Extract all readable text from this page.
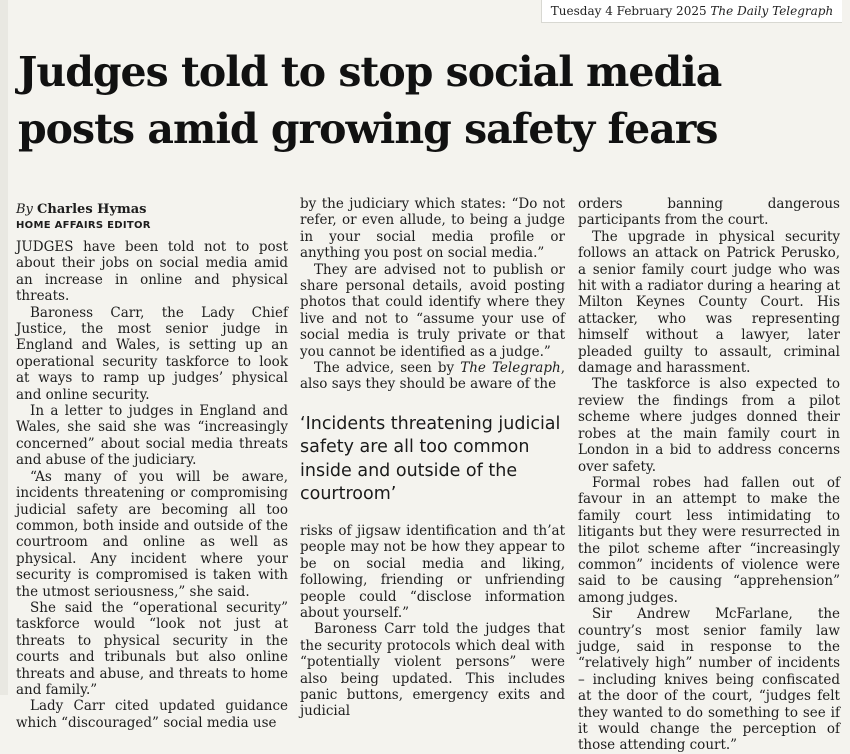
Tuesday 4 February 2025 The Daily Telegraph
Judges told to stop social media
posts amid growing safety fears
By Charles Hymas
HOME AFFAIRS EDITOR

JUDGES have been told not to post about their jobs on social media amid an increase in online and physical threats.

Baroness Carr, the Lady Chief Justice, the most senior judge in England and Wales, is setting up an operational security taskforce to look at ways to ramp up judges’ physical and online security.

In a letter to judges in England and Wales, she said she was “increasingly concerned” about social media threats and abuse of the judiciary.

“As many of you will be aware, incidents threatening or compromising judicial safety are becoming all too common, both inside and outside of the courtroom and online as well as physical. Any incident where your security is compromised is taken with the utmost seriousness,” she said.

She said the “operational security” taskforce would “look not just at threats to physical security in the courts and tribunals but also online threats and abuse, and threats to home and family.”

Lady Carr cited updated guidance which “discouraged” social media use

by the judiciary which states: “Do not refer, or even allude, to being a judge in your social media profile or anything you post on social media.”

They are advised not to publish or share personal details, avoid posting photos that could identify where they live and not to “assume your use of social media is truly private or that you cannot be identified as a judge.”

The advice, seen by The Telegraph, also says they should be aware of the

‘Incidents threatening judicial safety are all too common inside and outside of the courtroom’

risks of jigsaw identification and th’at people may not be how they appear to be on social media and liking, following, friending or unfriending people could “disclose information about yourself.”

Baroness Carr told the judges that the security protocols which deal with “potentially violent persons” were also being updated. This includes panic buttons, emergency exits and judicial

orders banning dangerous participants from the court.

The upgrade in physical security follows an attack on Patrick Perusko, a senior family court judge who was hit with a radiator during a hearing at Milton Keynes County Court. His attacker, who was representing himself without a lawyer, later pleaded guilty to assault, criminal damage and harassment.

The taskforce is also expected to review the findings from a pilot scheme where judges donned their robes at the main family court in London in a bid to address concerns over safety.

Formal robes had fallen out of favour in an attempt to make the family court less intimidating to litigants but they were resurrected in the pilot scheme after “increasingly common” incidents of violence were said to be causing “apprehension” among judges.

Sir Andrew McFarlane, the country’s most senior family law judge, said in response to the “relatively high” number of incidents – including knives being confiscated at the door of the court, “judges felt they wanted to do something to see if it would change the perception of those attending court.”
